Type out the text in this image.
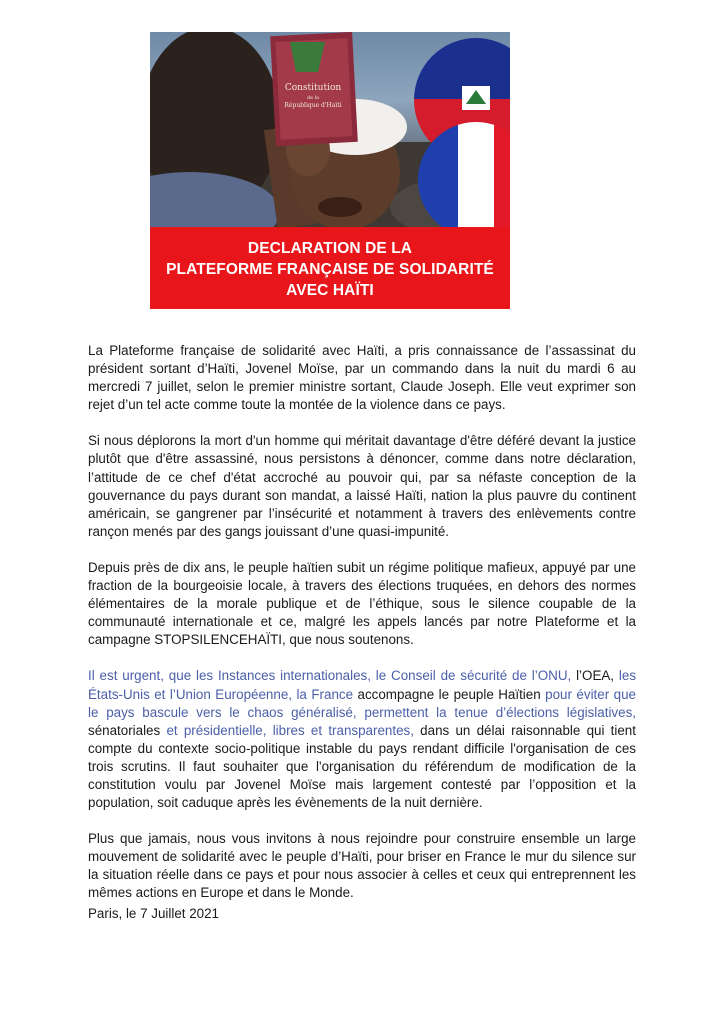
Constitution
de la
République d'Haïti
DECLARATION DE LA
PLATEFORME FRANÇAISE DE SOLIDARITÉ
AVEC HAÏTI

La Plateforme française de solidarité avec Haïti, a pris connaissance de l’assassinat du président sortant d’Haïti, Jovenel Moïse, par un commando dans la nuit du mardi 6 au mercredi 7 juillet, selon le premier ministre sortant, Claude Joseph. Elle veut exprimer son rejet d’un tel acte comme toute la montée de la violence dans ce pays.

Si nous déplorons la mort d'un homme qui méritait davantage d'être déféré devant la justice plutôt que d'être assassiné, nous persistons à dénoncer, comme dans notre déclaration, l’attitude de ce chef d'état accroché au pouvoir qui, par sa néfaste conception de la gouvernance du pays durant son mandat, a laissé Haïti, nation la plus pauvre du continent américain, se gangrener par l’insécurité et notamment à travers des enlèvements contre rançon menés par des gangs jouissant d’une quasi-impunité.

Depuis près de dix ans, le peuple haïtien subit un régime politique mafieux, appuyé par une fraction de la bourgeoisie locale, à travers des élections truquées, en dehors des normes élémentaires de la morale publique et de l’éthique, sous le silence coupable de la communauté internationale et ce, malgré les appels lancés par notre Plateforme et la campagne STOPSILENCEHAÏTI, que nous soutenons.

Il est urgent, que les Instances internationales, le Conseil de sécurité de l’ONU, l’OEA, les États-Unis et l’Union Européenne, la France accompagne le peuple Haïtien pour éviter que le pays bascule vers le chaos généralisé, permettent la tenue d’élections législatives, sénatoriales et présidentielle, libres et transparentes, dans un délai raisonnable qui tient compte du contexte socio-politique instable du pays rendant difficile l'organisation de ces trois scrutins. Il faut souhaiter que l'organisation du référendum de modification de la constitution voulu par Jovenel Moïse mais largement contesté par l’opposition et la population, soit caduque après les évènements de la nuit dernière.

Plus que jamais, nous vous invitons à nous rejoindre pour construire ensemble un large mouvement de solidarité avec le peuple d’Haïti, pour briser en France le mur du silence sur la situation réelle dans ce pays et pour nous associer à celles et ceux qui entreprennent les mêmes actions en Europe et dans le Monde.

Paris, le 7 Juillet 2021
